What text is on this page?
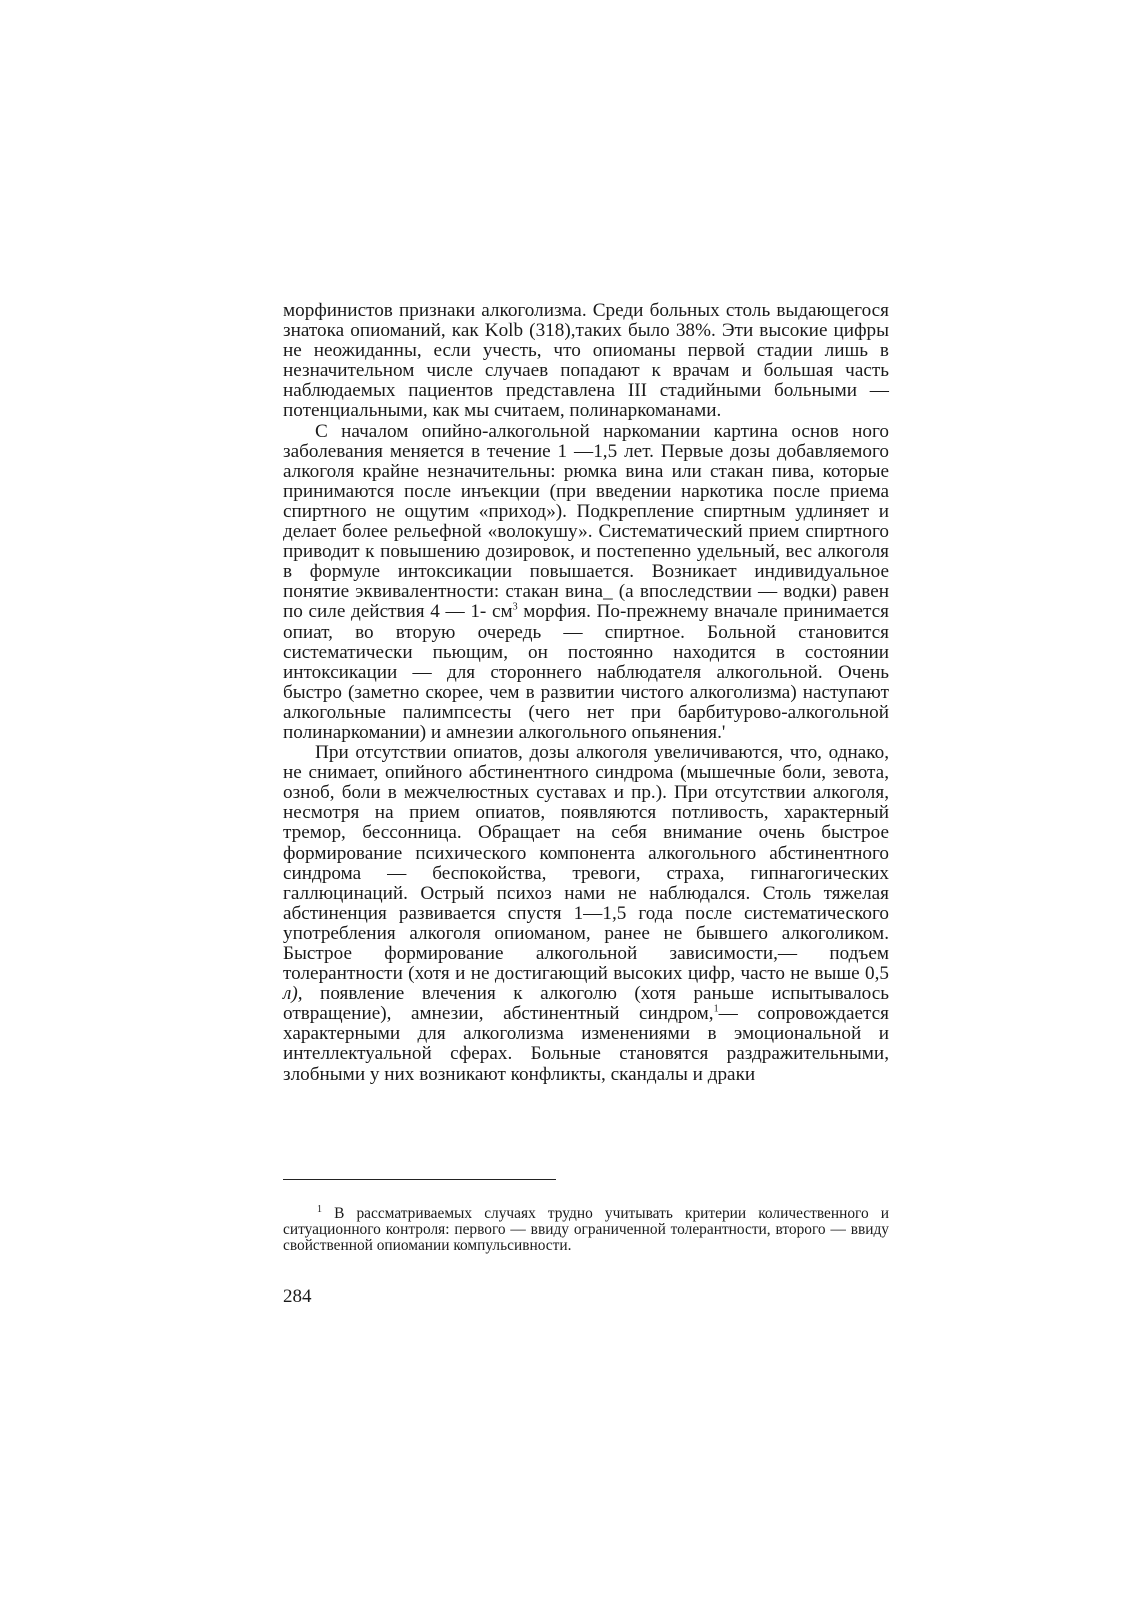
морфинистов признаки алкоголизма. Среди больных столь выдающегося знатока опиоманий, как Kolb (318),таких было 38%. Эти высокие цифры не неожиданны, если учесть, что опиоманы первой стадии лишь в незначительном числе случаев попадают к врачам и большая часть наблюдаемых пациентов представлена III стадийными больными — потенциальными, как мы считаем, полинаркоманами.

С началом опийно-алкогольной наркомании картина основ ного заболевания меняется в течение 1 —1,5 лет. Первые дозы добавляемого алкоголя крайне незначительны: рюмка вина или стакан пива, которые принимаются после инъекции (при введении наркотика после приема спиртного не ощутим «приход»). Подкрепление спиртным удлиняет и делает более рельефной «волокушу». Систематический прием спиртного приводит к повышению дозировок, и постепенно удельный, вес алкоголя в формуле интоксикации повышается. Возникает индивидуальное понятие эквивалентности: стакан вина_ (а впоследствии — водки) равен по силе действия 4 — 1- см$^3$ морфия. По-прежнему вначале принимается опиат, во вторую очередь — спиртное. Больной становится систематически пьющим, он постоянно находится в состоянии интоксикации — для стороннего наблюдателя алкогольной. Очень быстро (заметно скорее, чем в развитии чистого алкоголизма) наступают алкогольные палимпсесты (чего нет при барбитурово-алкогольной полинаркомании) и амнезии алкогольного опьянения.'

При отсутствии опиатов, дозы алкоголя увеличиваются, что, однако, не снимает, опийного абстинентного синдрома (мышечные боли, зевота, озноб, боли в межчелюстных суставах и пр.). При отсутствии алкоголя, несмотря на прием опиатов, появляются потливость, характерный тремор, бессонница. Обращает на себя внимание очень быстрое формирование психического компонента алкогольного абстинентного синдрома — беспокойства, тревоги, страха, гипнагогических галлюцинаций. Острый психоз нами не наблюдался. Столь тяжелая абстиненция развивается спустя 1—1,5 года после систематического употребления алкоголя опиоманом, ранее не бывшего алкоголиком. Быстрое формирование алкогольной зависимости,— подъем толерантности (хотя и не достигающий высоких цифр, часто не выше 0,5 л), появление влечения к алкоголю (хотя раньше испытывалось отвращение), амнезии, абстинентный синдром,$^1$— сопровождается характерными для алкоголизма изменениями в эмоциональной и интеллектуальной сферах. Больные становятся раздражительными, злобными у них возникают конфликты, скандалы и драки

$^1$ В рассматриваемых случаях трудно учитывать критерии количественного и ситуационного контроля: первого — ввиду ограниченной толерантности, второго — ввиду свойственной опиомании компульсивности.

284
